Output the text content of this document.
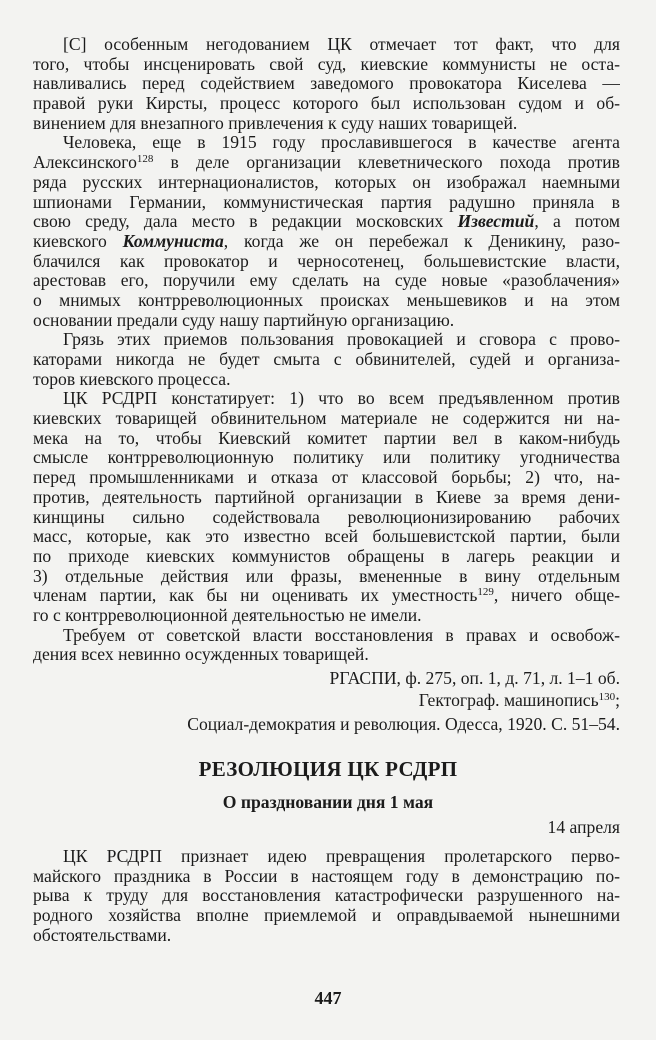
[С] особенным негодованием ЦК отмечает тот факт, что для
того, чтобы инсценировать свой суд, киевские коммунисты не оста-
навливались перед содействием заведомого провокатора Киселева —
правой руки Кирсты, процесс которого был использован судом и об-
винением для внезапного привлечения к суду наших товарищей.
Человека, еще в 1915 году прославившегося в качестве агента
Алексинского$^{128}$ в деле организации клеветнического похода против
ряда русских интернационалистов, которых он изображал наемными
шпионами Германии, коммунистическая партия радушно приняла в
свою среду, дала место в редакции московских Известий, а потом
киевского Коммуниста, когда же он перебежал к Деникину, разо-
блачился как провокатор и черносотенец, большевистские власти,
арестовав его, поручили ему сделать на суде новые «разоблачения»
о мнимых контрреволюционных происках меньшевиков и на этом
основании предали суду нашу партийную организацию.
Грязь этих приемов пользования провокацией и сговора с прово-
каторами никогда не будет смыта с обвинителей, судей и организа-
торов киевского процесса.
ЦК РСДРП констатирует: 1) что во всем предъявленном против
киевских товарищей обвинительном материале не содержится ни на-
мека на то, чтобы Киевский комитет партии вел в каком-нибудь
смысле контрреволюционную политику или политику угодничества
перед промышленниками и отказа от классовой борьбы; 2) что, на-
против, деятельность партийной организации в Киеве за время дени-
кинщины сильно содействовала революционизированию рабочих
масс, которые, как это известно всей большевистской партии, были
по приходе киевских коммунистов обращены в лагерь реакции и
3) отдельные действия или фразы, вмененные в вину отдельным
членам партии, как бы ни оценивать их уместность$^{129}$, ничего обще-
го с контрреволюционной деятельностью не имели.
Требуем от советской власти восстановления в правах и освобож-
дения всех невинно осужденных товарищей.
РГАСПИ, ф. 275, оп. 1, д. 71, л. 1–1 об.
Гектограф. машинопись$^{130}$;
Социал-демократия и революция. Одесса, 1920. С. 51–54.
РЕЗОЛЮЦИЯ ЦК РСДРП
О праздновании дня 1 мая
14 апреля
ЦК РСДРП признает идею превращения пролетарского перво-
майского праздника в России в настоящем году в демонстрацию по-
рыва к труду для восстановления катастрофически разрушенного на-
родного хозяйства вполне приемлемой и оправдываемой нынешними
обстоятельствами.
447
